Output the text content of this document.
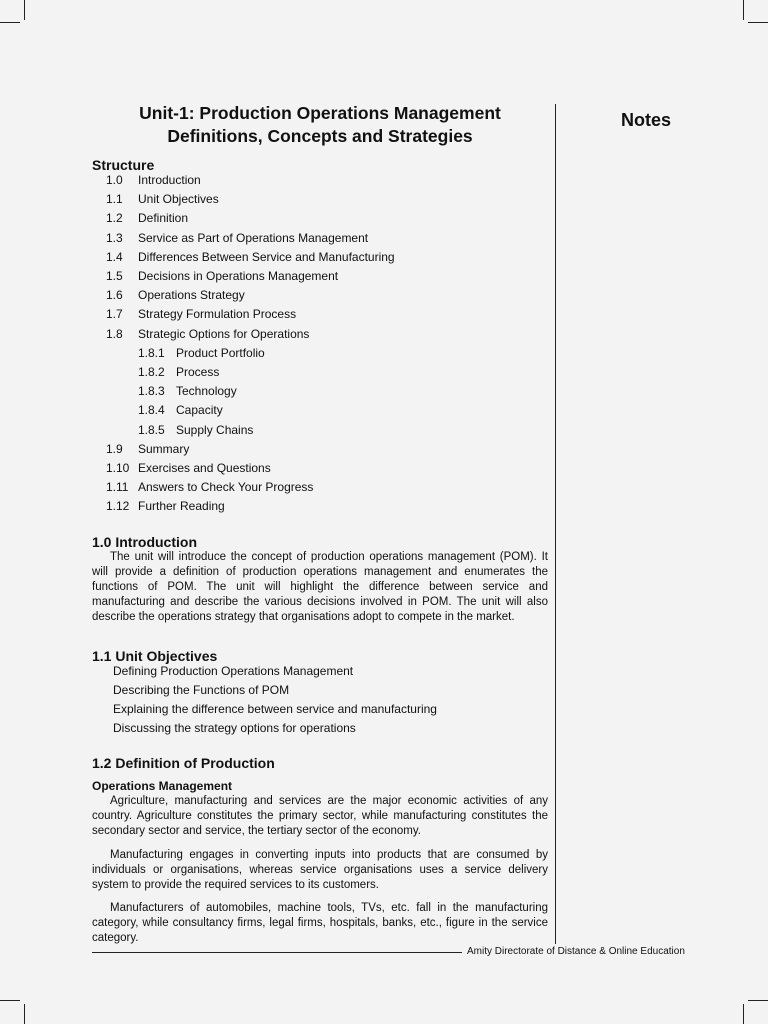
Notes
Unit-1: Production Operations Management
Definitions, Concepts and Strategies
Structure
1.0 Introduction
1.1 Unit Objectives
1.2 Definition
1.3 Service as Part of Operations Management
1.4 Differences Between Service and Manufacturing
1.5 Decisions in Operations Management
1.6 Operations Strategy
1.7 Strategy Formulation Process
1.8 Strategic Options for Operations
1.8.1 Product Portfolio
1.8.2 Process
1.8.3 Technology
1.8.4 Capacity
1.8.5 Supply Chains
1.9 Summary
1.10 Exercises and Questions
1.11 Answers to Check Your Progress
1.12 Further Reading
1.0 Introduction
The unit will introduce the concept of production operations management (POM). It will provide a definition of production operations management and enumerates the functions of POM. The unit will highlight the difference between service and manufacturing and describe the various decisions involved in POM. The unit will also describe the operations strategy that organisations adopt to compete in the market.
1.1 Unit Objectives
Defining Production Operations Management
Describing the Functions of POM
Explaining the difference between service and manufacturing
Discussing the strategy options for operations
1.2 Definition of Production
Operations Management
Agriculture, manufacturing and services are the major economic activities of any country. Agriculture constitutes the primary sector, while manufacturing constitutes the secondary sector and service, the tertiary sector of the economy.
Manufacturing engages in converting inputs into products that are consumed by individuals or organisations, whereas service organisations uses a service delivery system to provide the required services to its customers.
Manufacturers of automobiles, machine tools, TVs, etc. fall in the manufacturing category, while consultancy firms, legal firms, hospitals, banks, etc., figure in the service category.
Amity Directorate of Distance & Online Education
